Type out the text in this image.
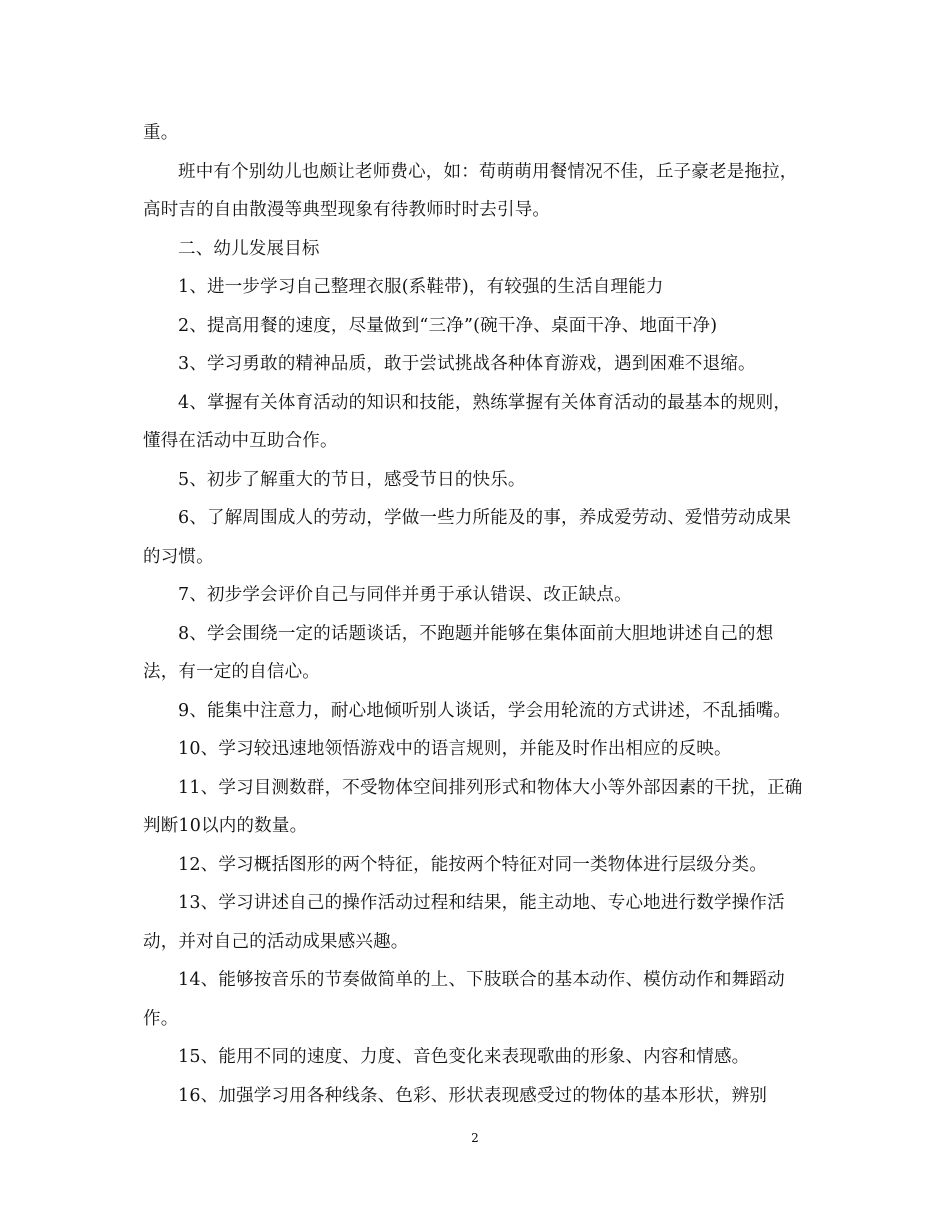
重。

班中有个别幼儿也颇让老师费心，如：荀萌萌用餐情况不佳，丘子豪老是拖拉，高时吉的自由散漫等典型现象有待教师时时去引导。

二、幼儿发展目标

1、进一步学习自己整理衣服(系鞋带)，有较强的生活自理能力

2、提高用餐的速度，尽量做到“三净”(碗干净、桌面干净、地面干净)

3、学习勇敢的精神品质，敢于尝试挑战各种体育游戏，遇到困难不退缩。

4、掌握有关体育活动的知识和技能，熟练掌握有关体育活动的最基本的规则，懂得在活动中互助合作。

5、初步了解重大的节日，感受节日的快乐。

6、了解周围成人的劳动，学做一些力所能及的事，养成爱劳动、爱惜劳动成果的习惯。

7、初步学会评价自己与同伴并勇于承认错误、改正缺点。

8、学会围绕一定的话题谈话，不跑题并能够在集体面前大胆地讲述自己的想法，有一定的自信心。

9、能集中注意力，耐心地倾听别人谈话，学会用轮流的方式讲述，不乱插嘴。

10、学习较迅速地领悟游戏中的语言规则，并能及时作出相应的反映。

11、学习目测数群，不受物体空间排列形式和物体大小等外部因素的干扰，正确判断10以内的数量。

12、学习概括图形的两个特征，能按两个特征对同一类物体进行层级分类。

13、学习讲述自己的操作活动过程和结果，能主动地、专心地进行数学操作活动，并对自己的活动成果感兴趣。

14、能够按音乐的节奏做简单的上、下肢联合的基本动作、模仿动作和舞蹈动作。

15、能用不同的速度、力度、音色变化来表现歌曲的形象、内容和情感。

16、加强学习用各种线条、色彩、形状表现感受过的物体的基本形状，辨别

2
